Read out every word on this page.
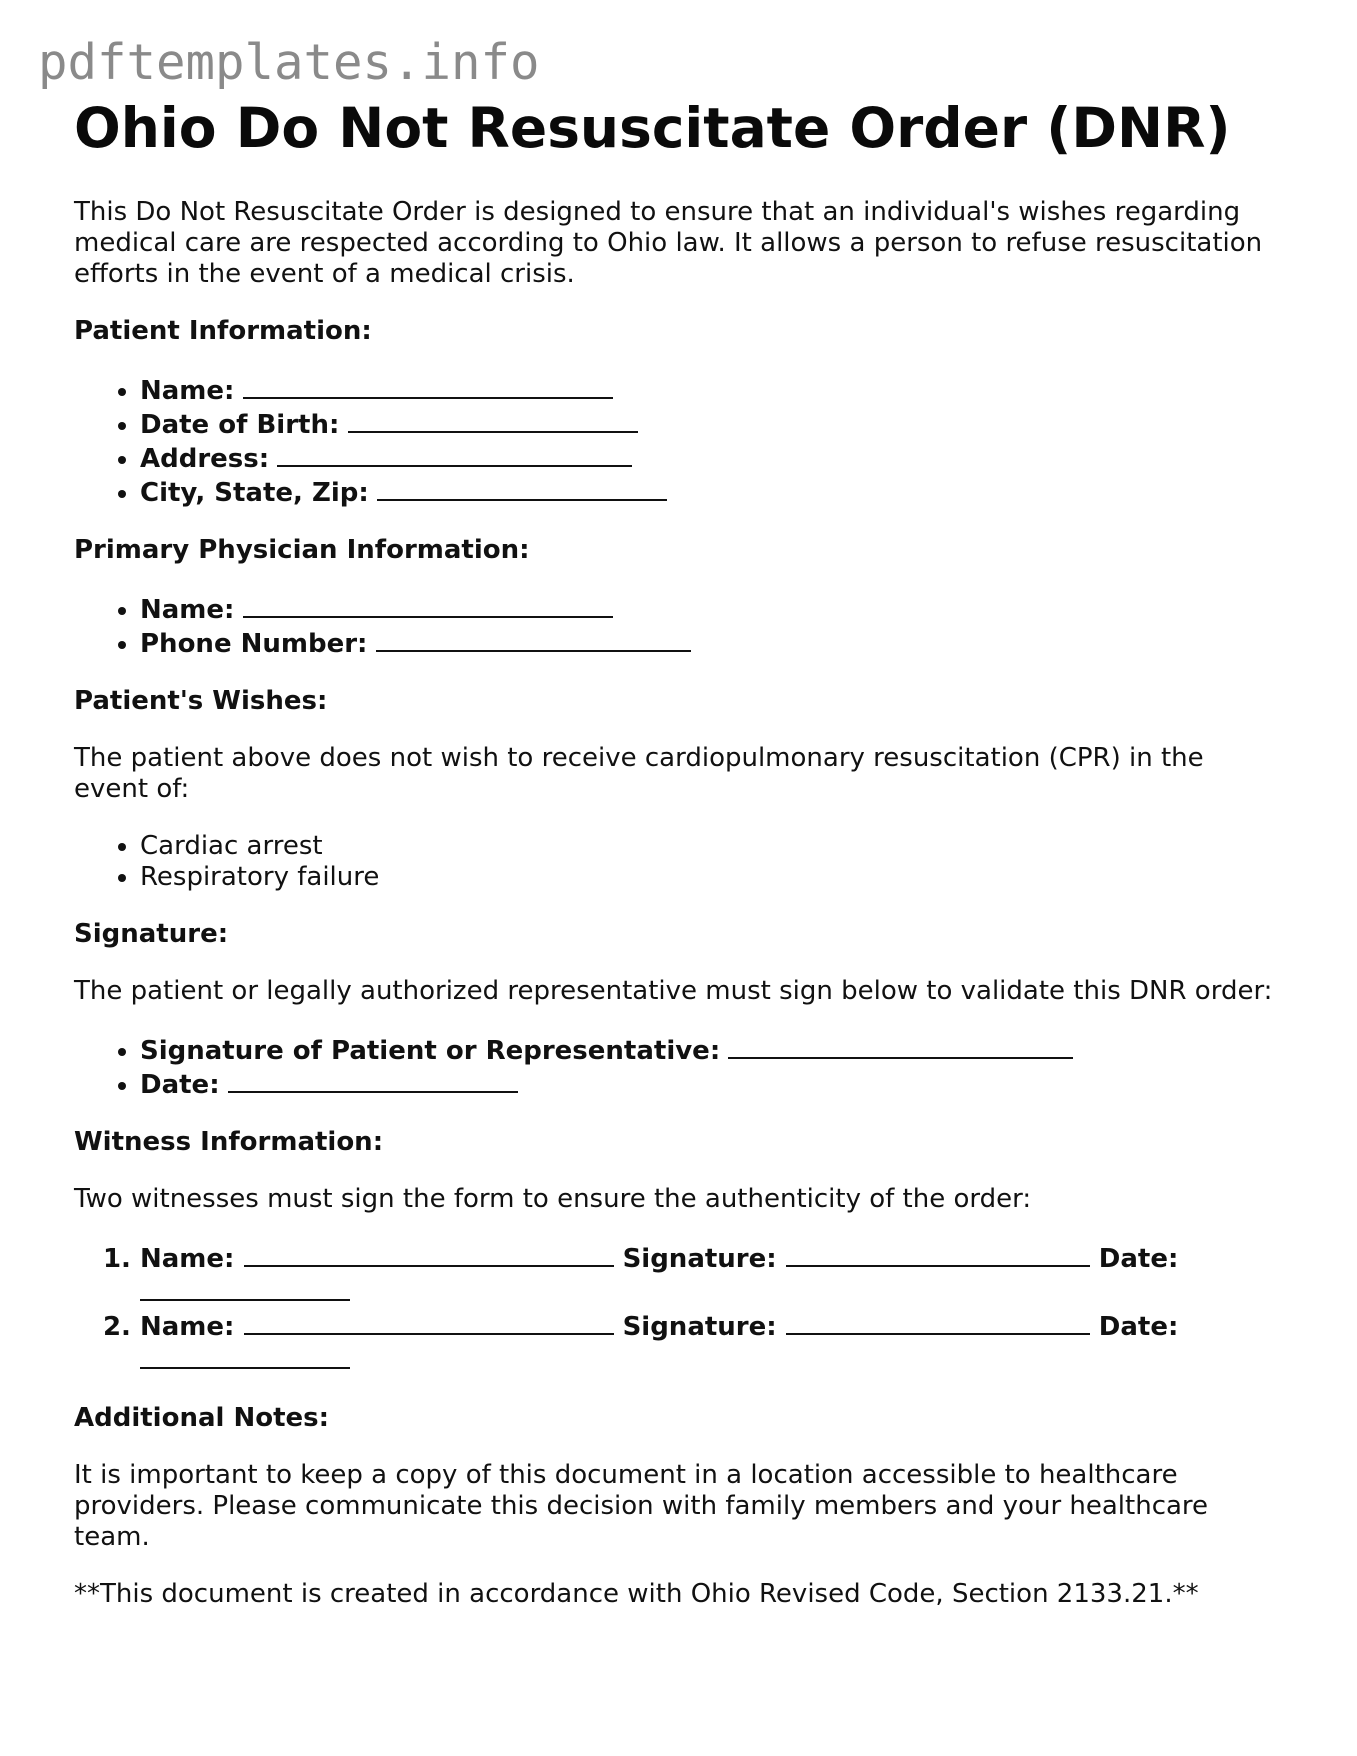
pdftemplates.info
Ohio Do Not Resuscitate Order (DNR)

This Do Not Resuscitate Order is designed to ensure that an individual's wishes regarding medical care are respected according to Ohio law. It allows a person to refuse resuscitation efforts in the event of a medical crisis.

Patient Information:
• Name:
• Date of Birth:
• Address:
• City, State, Zip:
Primary Physician Information:
• Name:
• Phone Number:
Patient's Wishes:

The patient above does not wish to receive cardiopulmonary resuscitation (CPR) in the event of:

• Cardiac arrest
• Respiratory failure
Signature:

The patient or legally authorized representative must sign below to validate this DNR order:

• Signature of Patient or Representative:
• Date:
Witness Information:

Two witnesses must sign the form to ensure the authenticity of the order:

1. Name:	Signature:	Date:
2. Name:	Signature:	Date:
Additional Notes:

It is important to keep a copy of this document in a location accessible to healthcare providers. Please communicate this decision with family members and your healthcare team.

**This document is created in accordance with Ohio Revised Code, Section 2133.21.**
